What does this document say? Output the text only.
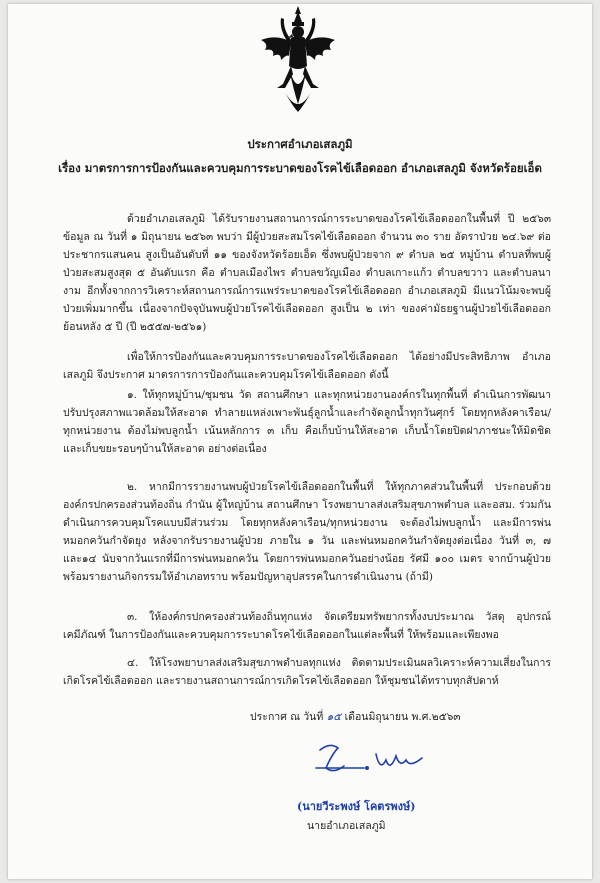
ประกาศอำเภอเสลภูมิ
เรื่อง มาตรการการป้องกันและควบคุมการระบาดของโรคไข้เลือดออก อำเภอเสลภูมิ จังหวัดร้อยเอ็ด
ด้วยอำเภอเสลภูมิ ได้รับรายงานสถานการณ์การระบาดของโรคไข้เลือดออกในพื้นที่ ปี ๒๕๖๓ ข้อมูล ณ วันที่ ๑ มิถุนายน ๒๕๖๓ พบว่า มีผู้ป่วยสะสมโรคไข้เลือดออก จำนวน ๓๐ ราย อัตราป่วย ๒๔.๖๙ ต่อประชากรแสนคน สูงเป็นอันดับที่ ๑๑ ของจังหวัดร้อยเอ็ด ซึ่งพบผู้ป่วยจาก ๙ ตำบล ๒๕ หมู่บ้าน ตำบลที่พบผู้ป่วยสะสมสูงสุด ๕ อันดับแรก คือ ตำบลเมืองไพร ตำบลขวัญเมือง ตำบลเกาะแก้ว ตำบลขวาว และตำบลนางาม อีกทั้งจากการวิเคราะห์สถานการณ์การแพร่ระบาดของโรคไข้เลือดออก อำเภอเสลภูมิ มีแนวโน้มจะพบผู้ป่วยเพิ่มมากขึ้น เนื่องจากปัจจุบันพบผู้ป่วยโรคไข้เลือดออก สูงเป็น ๒ เท่า ของค่ามัธยฐานผู้ป่วยไข้เลือดออกย้อนหลัง ๕ ปี (ปี ๒๕๕๗-๒๕๖๑)
เพื่อให้การป้องกันและควบคุมการระบาดของโรคไข้เลือดออก ได้อย่างมีประสิทธิภาพ อำเภอเสลภูมิ จึงประกาศ มาตรการการป้องกันและควบคุมโรคไข้เลือดออก ดังนี้
๑. ให้ทุกหมู่บ้าน/ชุมชน วัด สถานศึกษา และทุกหน่วยงานองค์กรในทุกพื้นที่ ดำเนินการพัฒนาปรับปรุงสภาพแวดล้อมให้สะอาด ทำลายแหล่งเพาะพันธุ์ลูกน้ำและกำจัดลูกน้ำทุกวันศุกร์ โดยทุกหลังคาเรือน/ทุกหน่วยงาน ต้องไม่พบลูกน้ำ เน้นหลักการ ๓ เก็บ คือเก็บบ้านให้สะอาด เก็บน้ำโดยปิดฝาภาชนะให้มิดชิด และเก็บขยะรอบๆบ้านให้สะอาด อย่างต่อเนื่อง
๒. หากมีการรายงานพบผู้ป่วยโรคไข้เลือดออกในพื้นที่ ให้ทุกภาคส่วนในพื้นที่ ประกอบด้วย องค์กรปกครองส่วนท้องถิ่น กำนัน ผู้ใหญ่บ้าน สถานศึกษา โรงพยาบาลส่งเสริมสุขภาพตำบล และอสม. ร่วมกันดำเนินการควบคุมโรคแบบมีส่วนร่วม โดยทุกหลังคาเรือน/ทุกหน่วยงาน จะต้องไม่พบลูกน้ำ และมีการพ่นหมอกควันกำจัดยุง หลังจากรับรายงานผู้ป่วย ภายใน ๑ วัน และพ่นหมอกควันกำจัดยุงต่อเนื่อง วันที่ ๓, ๗ และ๑๔ นับจากวันแรกที่มีการพ่นหมอกควัน โดยการพ่นหมอกควันอย่างน้อย รัศมี ๑๐๐ เมตร จากบ้านผู้ป่วย พร้อมรายงานกิจกรรมให้อำเภอทราบ พร้อมปัญหาอุปสรรคในการดำเนินงาน (ถ้ามี)
๓. ให้องค์กรปกครองส่วนท้องถิ่นทุกแห่ง จัดเตรียมทรัพยากรทั้งงบประมาณ วัสดุ อุปกรณ์ เคมีภัณฑ์ ในการป้องกันและควบคุมการระบาดโรคไข้เลือดออกในแต่ละพื้นที่ ให้พร้อมและเพียงพอ
๔. ให้โรงพยาบาลส่งเสริมสุขภาพตำบลทุกแห่ง ติดตามประเมินผลวิเคราะห์ความเสี่ยงในการเกิดโรคไข้เลือดออก และรายงานสถานการณ์การเกิดโรคไข้เลือดออก ให้ชุมชนได้ทราบทุกสัปดาห์
ประกาศ ณ วันที่ ๑๕ เดือนมิถุนายน พ.ศ.๒๕๖๓
(นายวีระพงษ์ โคตรพงษ์)
นายอำเภอเสลภูมิ
